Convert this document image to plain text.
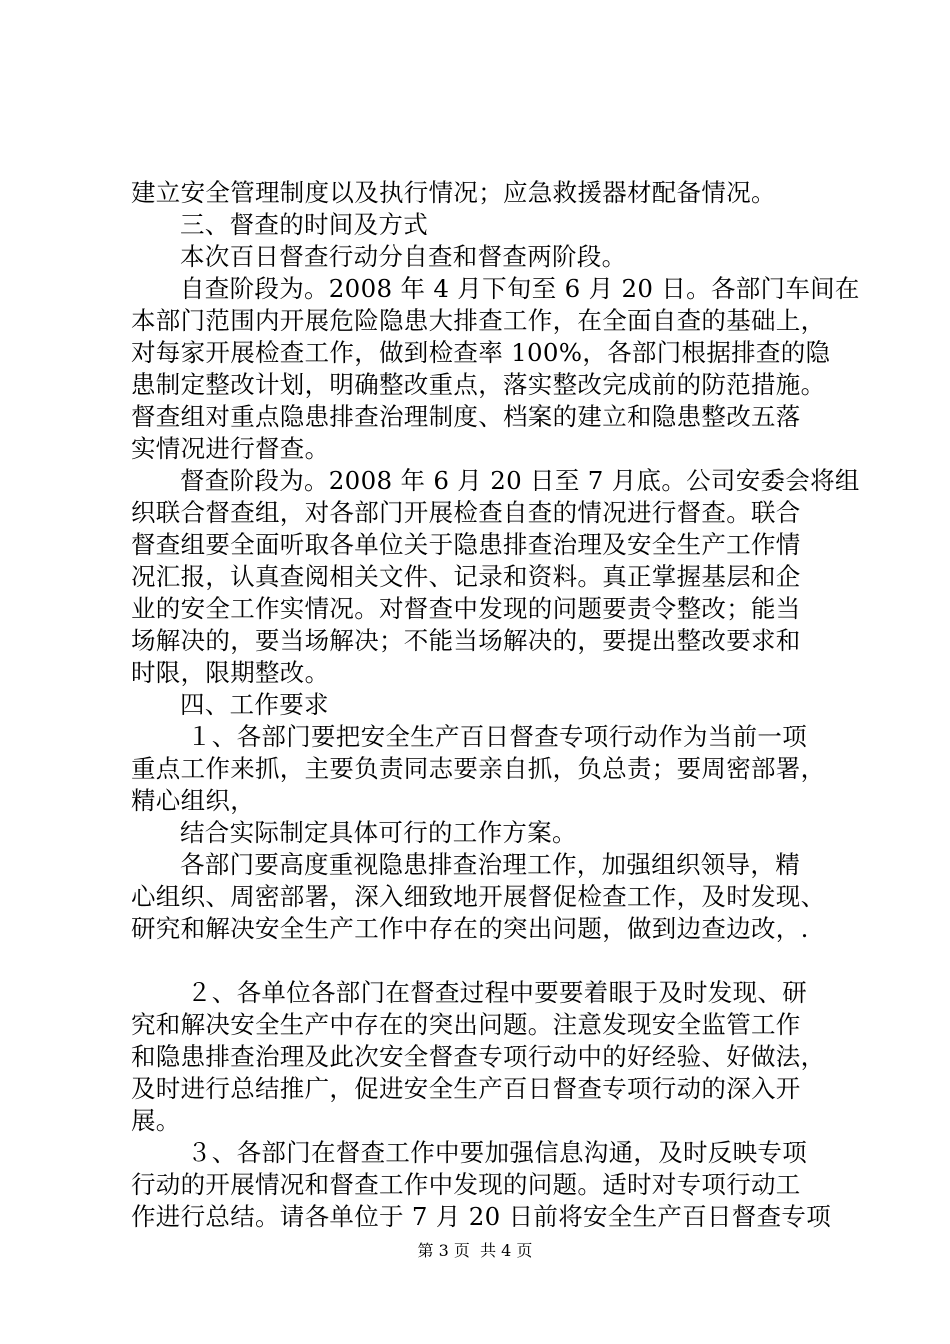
建立安全管理制度以及执行情况；应急救援器材配备情况。
三、督查的时间及方式
本次百日督查行动分自查和督查两阶段。
自查阶段为。2008 年 4 月下旬至 6 月 20 日。各部门车间在
本部门范围内开展危险隐患大排查工作，在全面自查的基础上，
对每家开展检查工作，做到检查率 100%，各部门根据排查的隐
患制定整改计划，明确整改重点，落实整改完成前的防范措施。
督查组对重点隐患排查治理制度、档案的建立和隐患整改五落
实情况进行督查。
督查阶段为。2008 年 6 月 20 日至 7 月底。公司安委会将组
织联合督查组，对各部门开展检查自查的情况进行督查。联合
督查组要全面听取各单位关于隐患排查治理及安全生产工作情
况汇报，认真查阅相关文件、记录和资料。真正掌握基层和企
业的安全工作实情况。对督查中发现的问题要责令整改；能当
场解决的，要当场解决；不能当场解决的，要提出整改要求和
时限，限期整改。
四、工作要求
１、各部门要把安全生产百日督查专项行动作为当前一项
重点工作来抓，主要负责同志要亲自抓，负总责；要周密部署，
精心组织，
结合实际制定具体可行的工作方案。
各部门要高度重视隐患排查治理工作，加强组织领导，精
心组织、周密部署，深入细致地开展督促检查工作，及时发现、
研究和解决安全生产工作中存在的突出问题，做到边查边改，.
２、各单位各部门在督查过程中要要着眼于及时发现、研
究和解决安全生产中存在的突出问题。注意发现安全监管工作
和隐患排查治理及此次安全督查专项行动中的好经验、好做法，
及时进行总结推广，促进安全生产百日督查专项行动的深入开
展。
３、各部门在督查工作中要加强信息沟通，及时反映专项
行动的开展情况和督查工作中发现的问题。适时对专项行动工
作进行总结。请各单位于 7 月 20 日前将安全生产百日督查专项
第 3 页  共 4 页
